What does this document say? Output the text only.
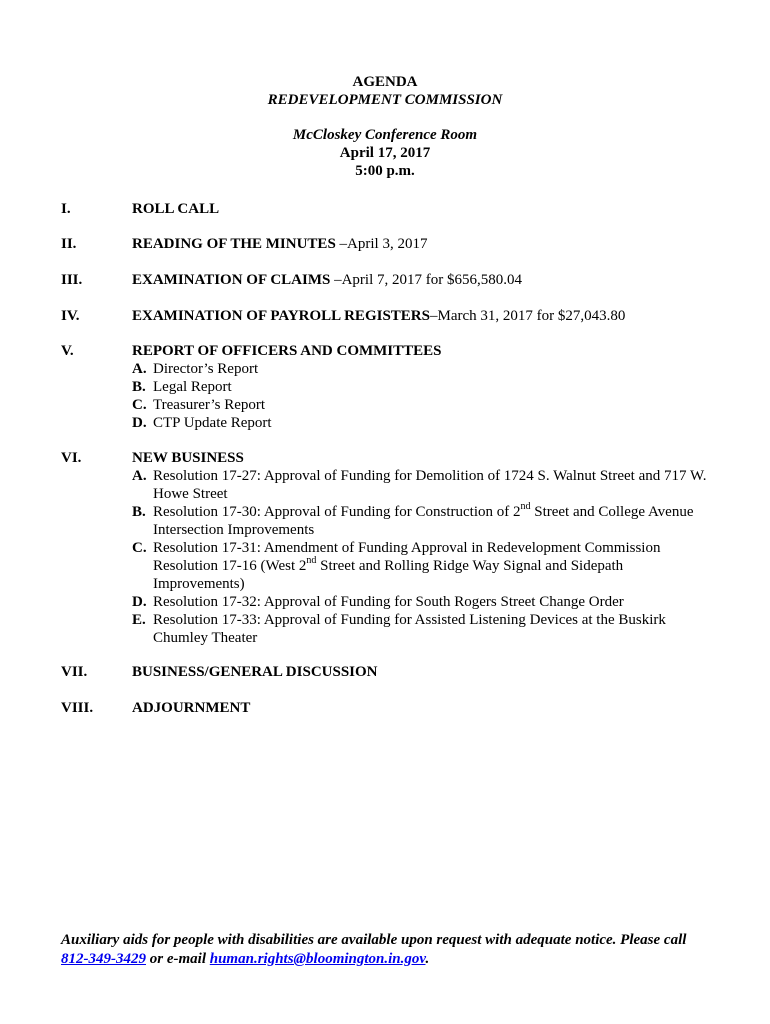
AGENDA
REDEVELOPMENT COMMISSION
McCloskey Conference Room
April 17, 2017
5:00 p.m.
I.	ROLL CALL
II.	READING OF THE MINUTES –April 3, 2017
III.	EXAMINATION OF CLAIMS –April 7, 2017 for $656,580.04
IV.	EXAMINATION OF PAYROLL REGISTERS–March 31, 2017 for $27,043.80
V.	REPORT OF OFFICERS AND COMMITTEES
A. Director’s Report
B. Legal Report
C. Treasurer’s Report
D. CTP Update Report
VI.	NEW BUSINESS
A. Resolution 17-27: Approval of Funding for Demolition of 1724 S. Walnut Street and 717 W. Howe Street
B. Resolution 17-30: Approval of Funding for Construction of 2nd Street and College Avenue Intersection Improvements
C. Resolution 17-31: Amendment of Funding Approval in Redevelopment Commission Resolution 17-16 (West 2nd Street and Rolling Ridge Way Signal and Sidepath Improvements)
D. Resolution 17-32: Approval of Funding for South Rogers Street Change Order
E. Resolution 17-33: Approval of Funding for Assisted Listening Devices at the Buskirk Chumley Theater
VII.	BUSINESS/GENERAL DISCUSSION
VIII.	ADJOURNMENT
Auxiliary aids for people with disabilities are available upon request with adequate notice. Please call 812-349-3429 or e-mail human.rights@bloomington.in.gov.
